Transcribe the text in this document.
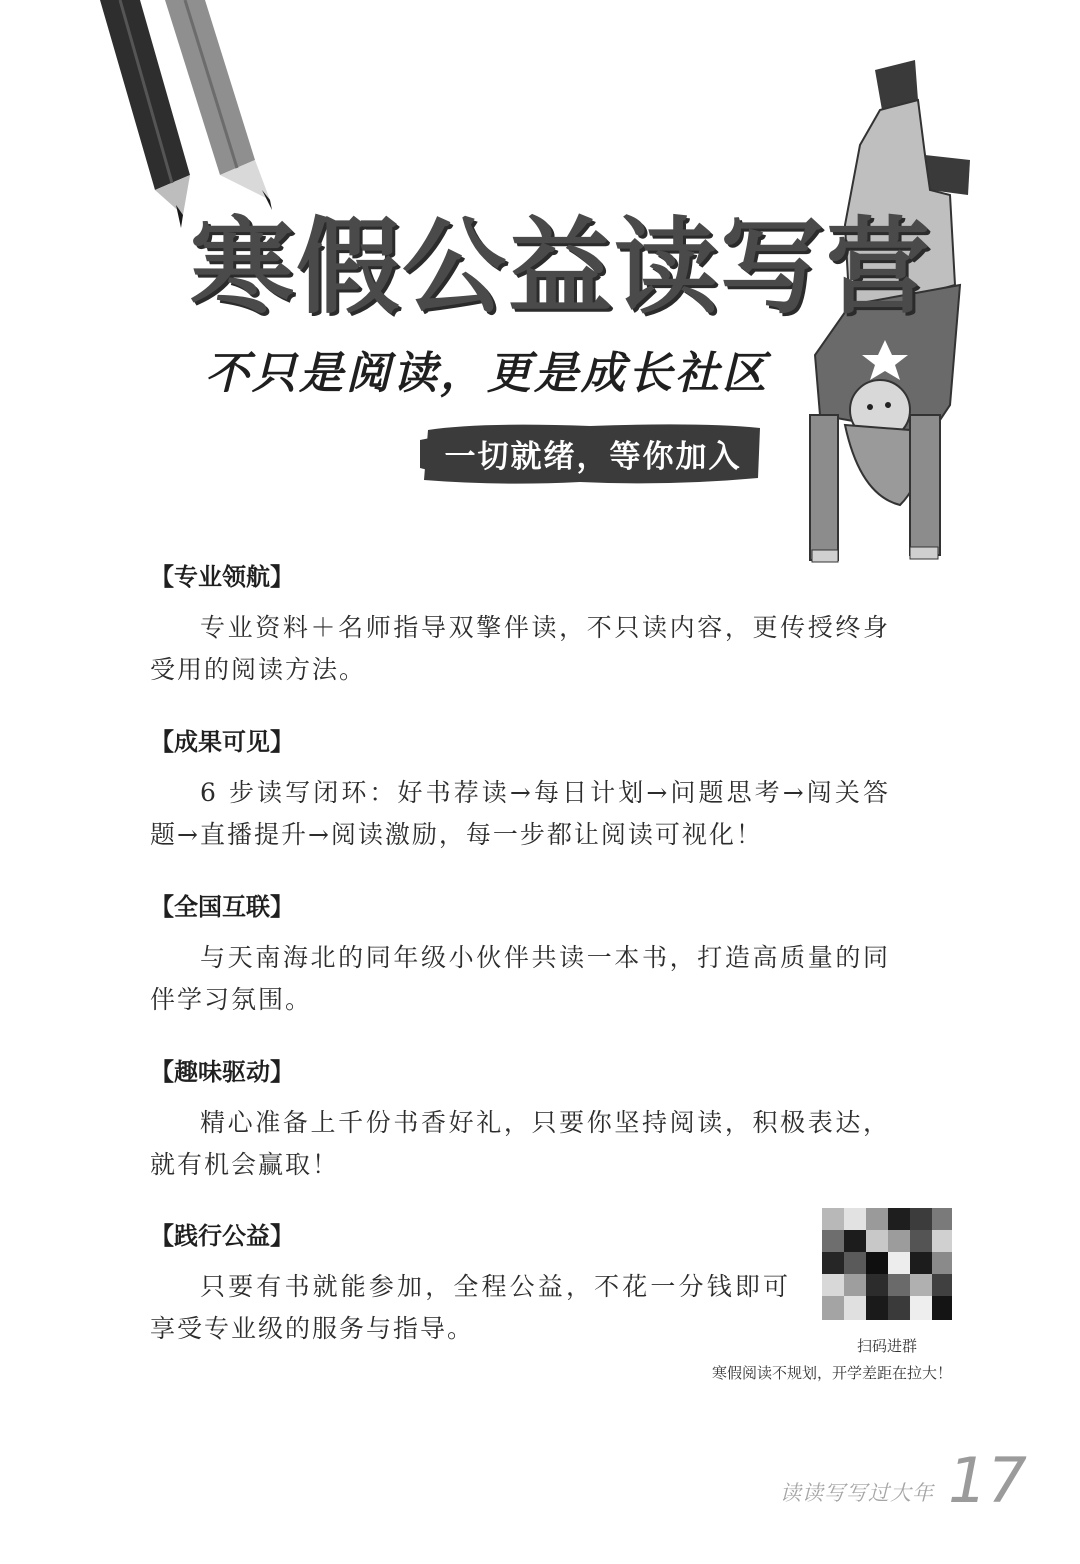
寒假公益读写营
不只是阅读，更是成长社区
一切就绪，等你加入

【专业领航】

专业资料＋名师指导双擎伴读，不只读内容，更传授终身受用的阅读方法。

【成果可见】

6 步读写闭环：好书荐读→每日计划→问题思考→闯关答题→直播提升→阅读激励，每一步都让阅读可视化！

【全国互联】

与天南海北的同年级小伙伴共读一本书，打造高质量的同伴学习氛围。

【趣味驱动】

精心准备上千份书香好礼，只要你坚持阅读，积极表达，就有机会赢取！

【践行公益】

只要有书就能参加，全程公益，不花一分钱即可享受专业级的服务与指导。

扫码进群
寒假阅读不规划，开学差距在拉大！
读读写写过大年 17
